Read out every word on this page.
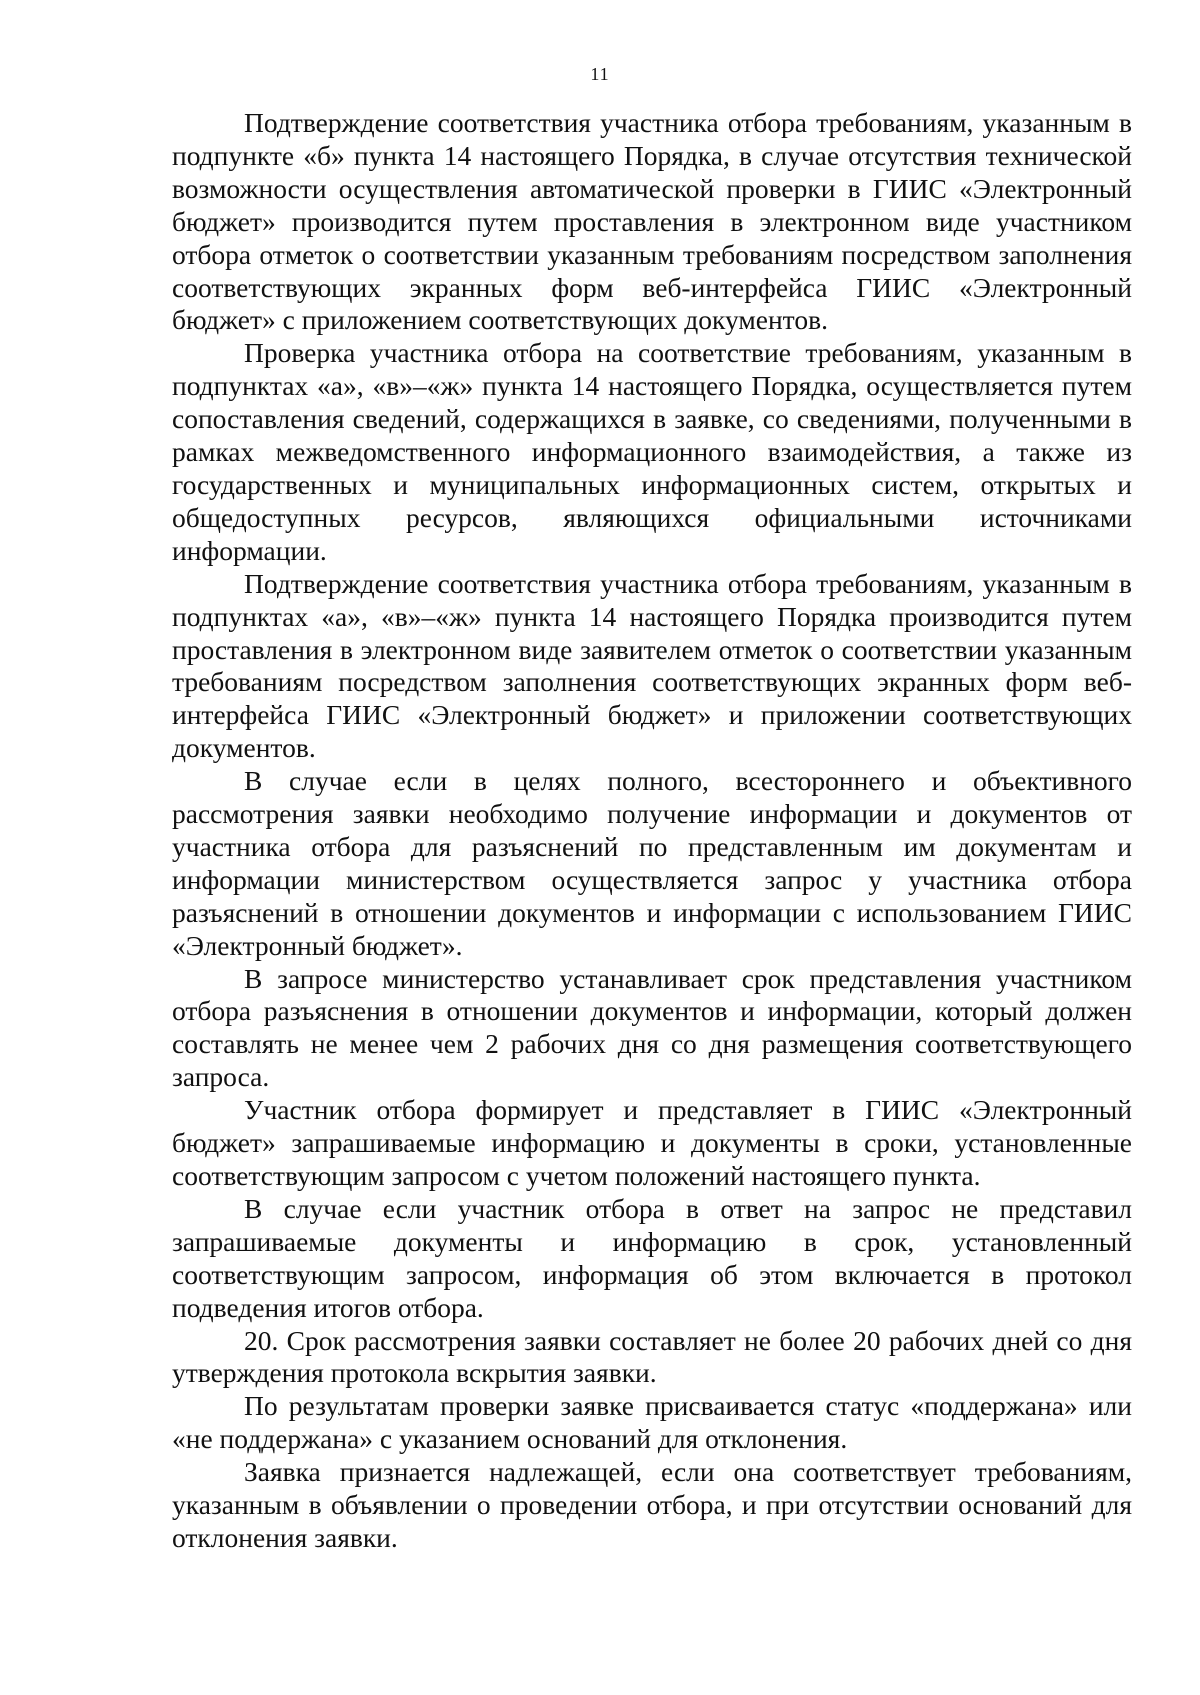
11

Подтверждение соответствия участника отбора требованиям, указанным в подпункте «б» пункта 14 настоящего Порядка, в случае отсутствия технической возможности осуществления автоматической проверки в ГИИС «Электронный бюджет» производится путем проставления в электронном виде участником отбора отметок о соответствии указанным требованиям посредством заполнения соответствующих экранных форм веб-интерфейса ГИИС «Электронный бюджет» с приложением соответствующих документов.

Проверка участника отбора на соответствие требованиям, указанным в подпунктах «а», «в»–«ж» пункта 14 настоящего Порядка, осуществляется путем сопоставления сведений, содержащихся в заявке, со сведениями, полученными в рамках межведомственного информационного взаимодействия, а также из государственных и муниципальных информационных систем, открытых и общедоступных ресурсов, являющихся официальными источниками информации.

Подтверждение соответствия участника отбора требованиям, указанным в подпунктах «а», «в»–«ж» пункта 14 настоящего Порядка производится путем проставления в электронном виде заявителем отметок о соответствии указанным требованиям посредством заполнения соответствующих экранных форм веб-интерфейса ГИИС «Электронный бюджет» и приложении соответствующих документов.

В случае если в целях полного, всестороннего и объективного рассмотрения заявки необходимо получение информации и документов от участника отбора для разъяснений по представленным им документам и информации министерством осуществляется запрос у участника отбора разъяснений в отношении документов и информации с использованием ГИИС «Электронный бюджет».

В запросе министерство устанавливает срок представления участником отбора разъяснения в отношении документов и информации, который должен составлять не менее чем 2 рабочих дня со дня размещения соответствующего запроса.

Участник отбора формирует и представляет в ГИИС «Электронный бюджет» запрашиваемые информацию и документы в сроки, установленные соответствующим запросом с учетом положений настоящего пункта.

В случае если участник отбора в ответ на запрос не представил запрашиваемые документы и информацию в срок, установленный соответствующим запросом, информация об этом включается в протокол подведения итогов отбора.

20. Срок рассмотрения заявки составляет не более 20 рабочих дней со дня утверждения протокола вскрытия заявки.

По результатам проверки заявке присваивается статус «поддержана» или «не поддержана» с указанием оснований для отклонения.

Заявка признается надлежащей, если она соответствует требованиям, указанным в объявлении о проведении отбора, и при отсутствии оснований для отклонения заявки.
